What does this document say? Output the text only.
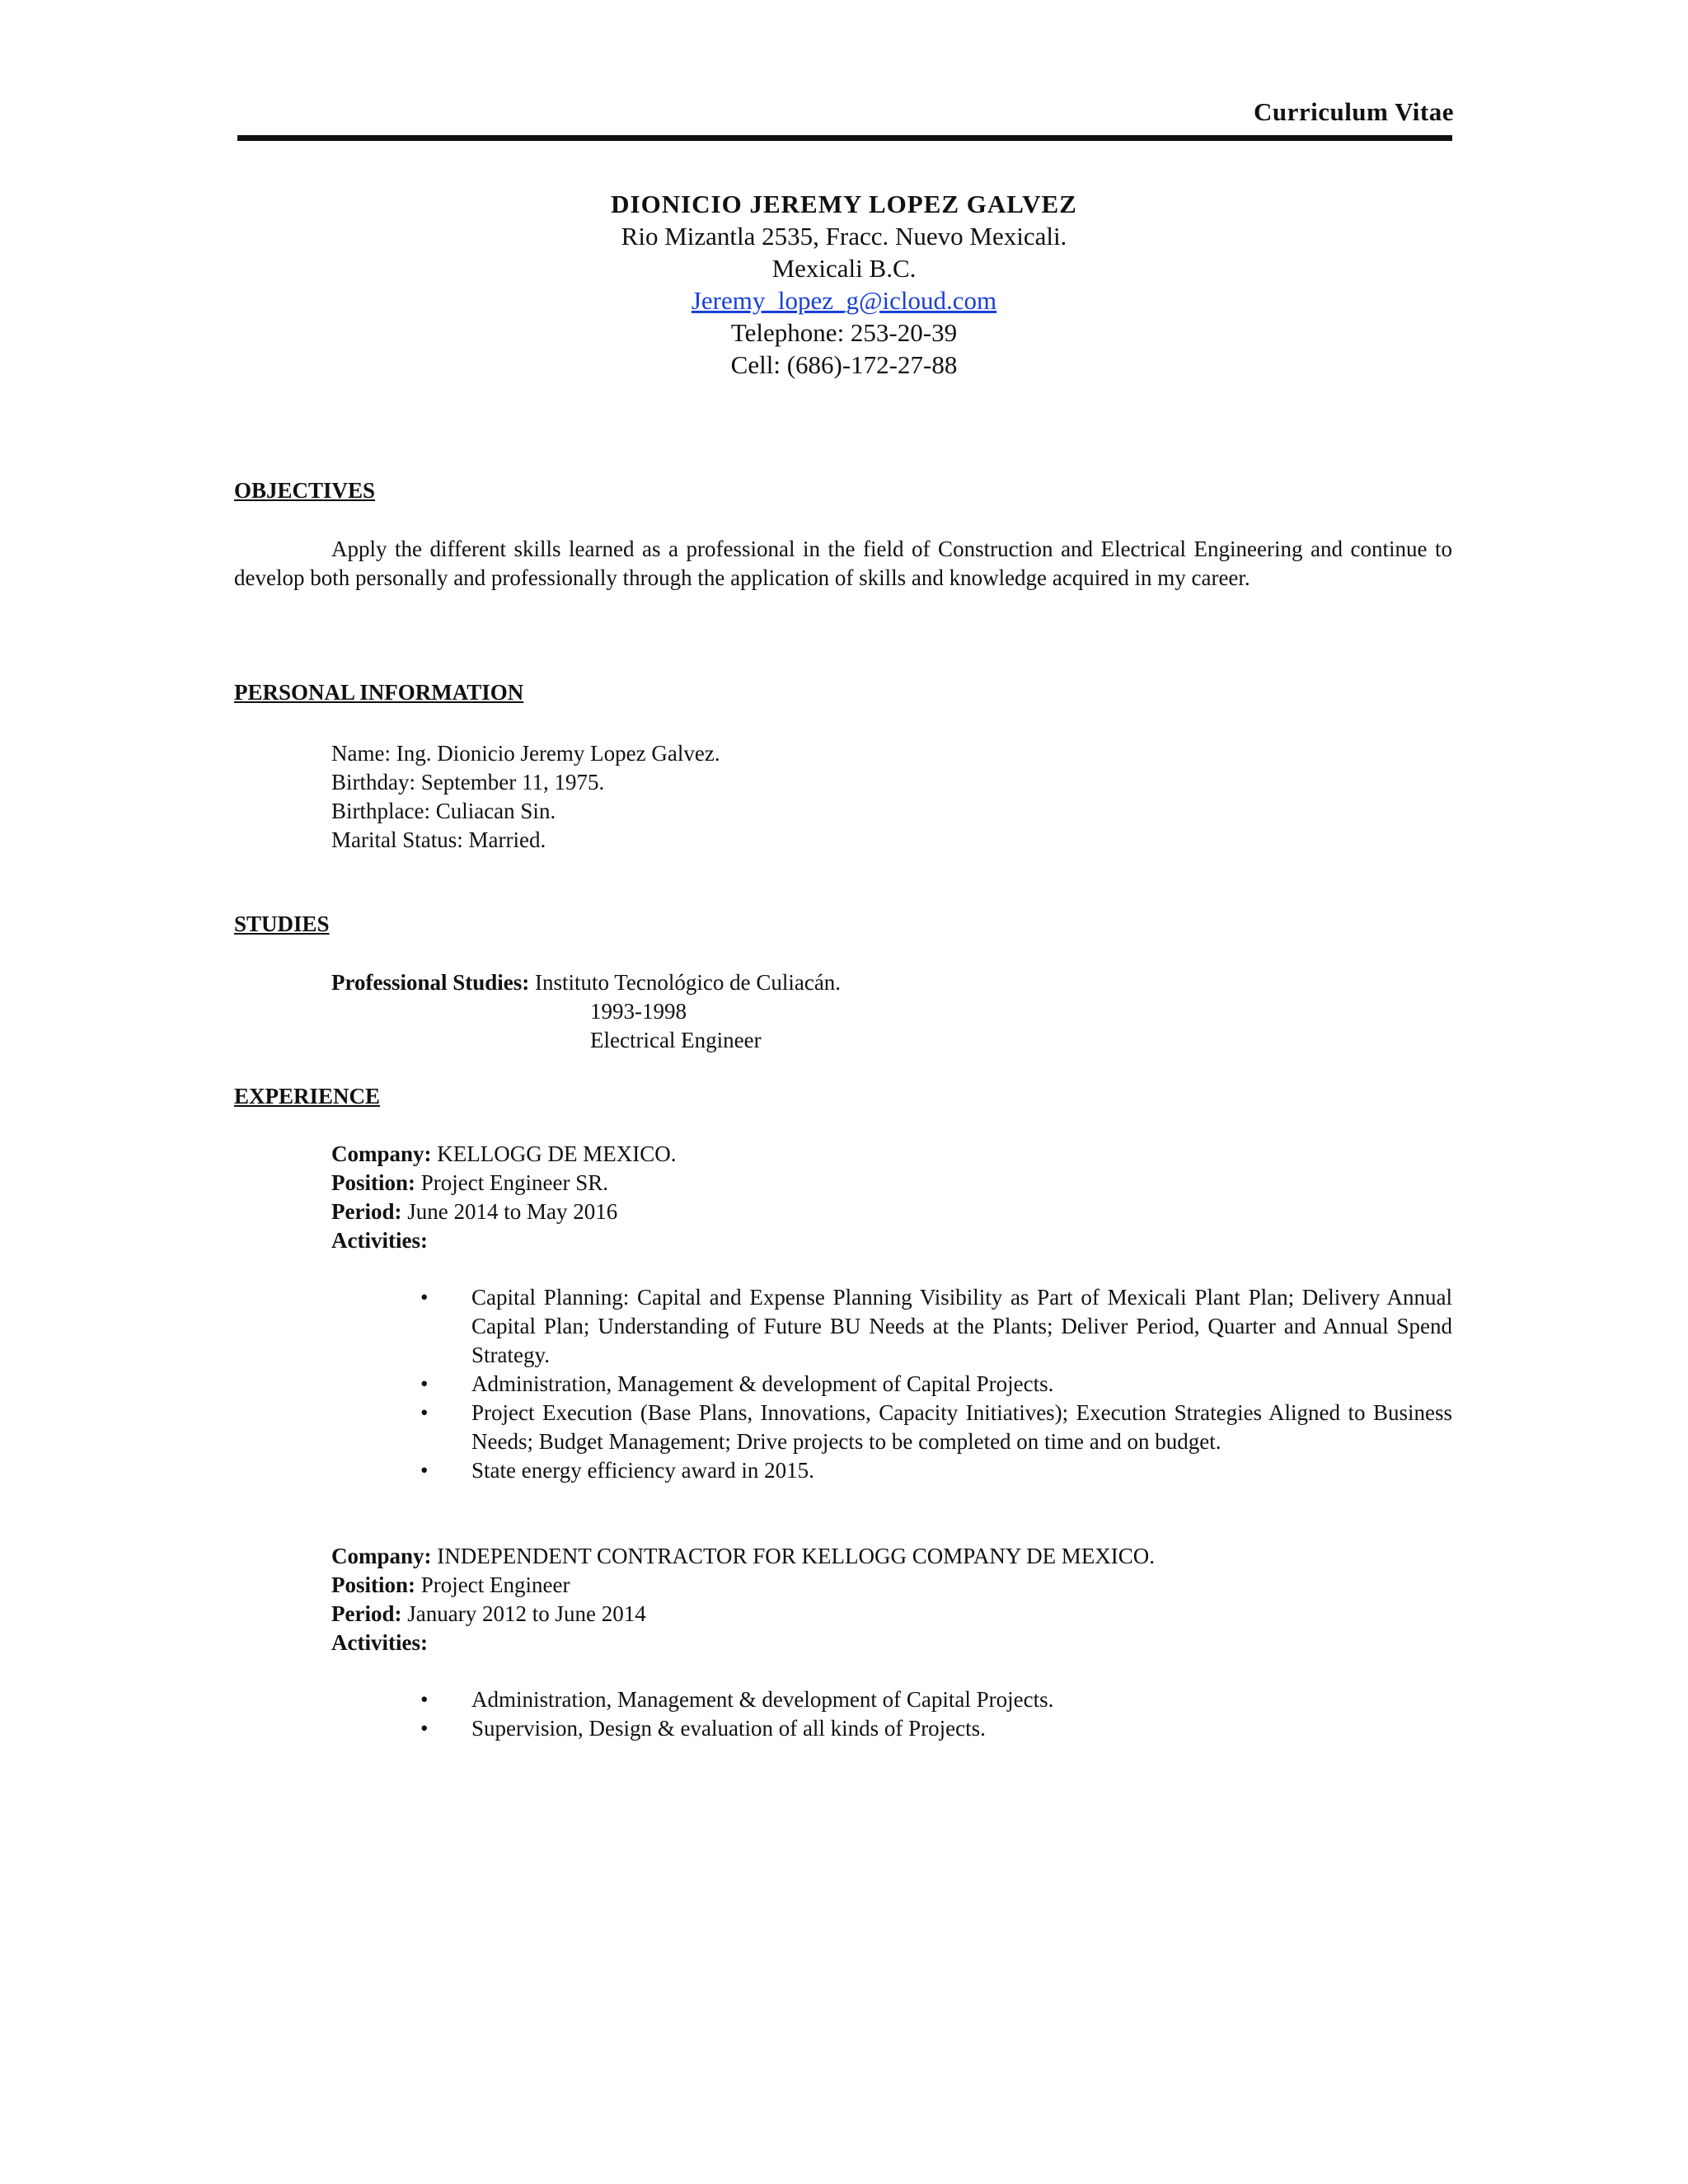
Curriculum Vitae
DIONICIO JEREMY LOPEZ GALVEZ
Rio Mizantla 2535, Fracc. Nuevo Mexicali.
Mexicali B.C.
Jeremy_lopez_g@icloud.com
Telephone: 253-20-39
Cell: (686)-172-27-88
OBJECTIVES
Apply the different skills learned as a professional in the field of Construction and Electrical Engineering and continue to develop both personally and professionally through the application of skills and knowledge acquired in my career.
PERSONAL INFORMATION
Name: Ing. Dionicio Jeremy Lopez Galvez.
Birthday: September 11, 1975.
Birthplace: Culiacan Sin.
Marital Status: Married.
STUDIES
Professional Studies: Instituto Tecnológico de Culiacán.
1993-1998
Electrical Engineer
EXPERIENCE
Company: KELLOGG DE MEXICO.
Position: Project Engineer SR.
Period: June 2014 to May 2016
Activities:
• Capital Planning: Capital and Expense Planning Visibility as Part of Mexicali Plant Plan; Delivery Annual Capital Plan; Understanding of Future BU Needs at the Plants; Deliver Period, Quarter and Annual Spend Strategy.
• Administration, Management & development of Capital Projects.
• Project Execution (Base Plans, Innovations, Capacity Initiatives); Execution Strategies Aligned to Business Needs; Budget Management; Drive projects to be completed on time and on budget.
• State energy efficiency award in 2015.
Company: INDEPENDENT CONTRACTOR FOR KELLOGG COMPANY DE MEXICO.
Position: Project Engineer
Period: January 2012 to June 2014
Activities:
• Administration, Management & development of Capital Projects.
• Supervision, Design & evaluation of all kinds of Projects.
